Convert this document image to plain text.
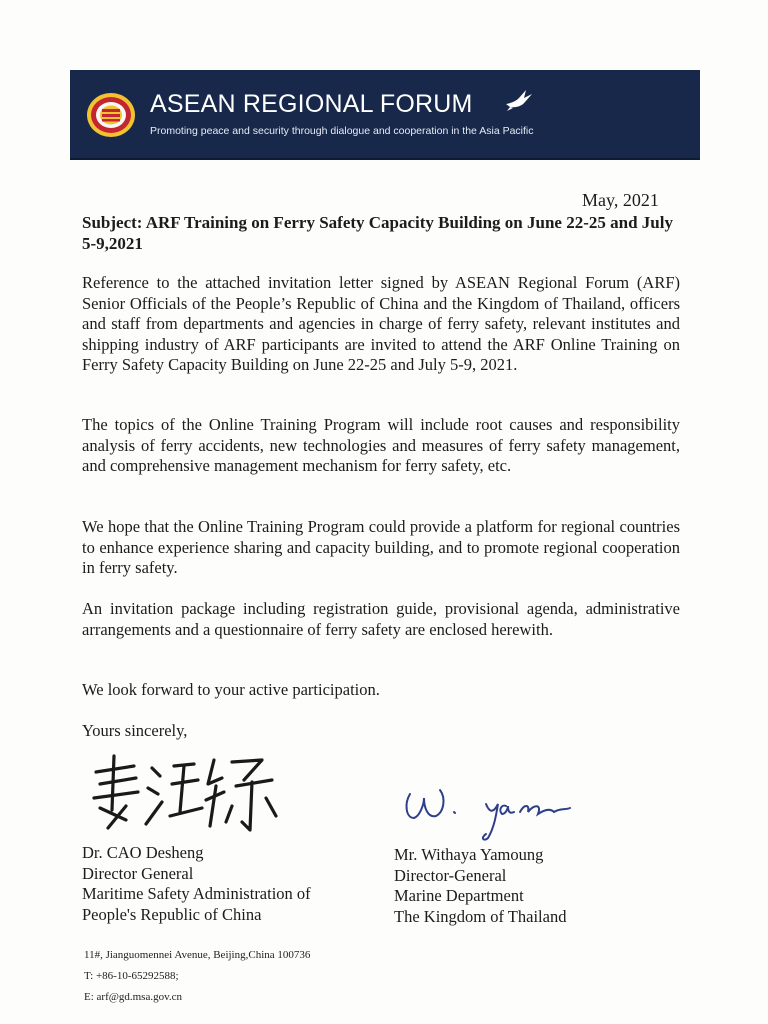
ASEAN REGIONAL FORUM
Promoting peace and security through dialogue and cooperation in the Asia Pacific
May, 2021
Subject: ARF Training on Ferry Safety Capacity Building on June 22-25 and July 5-9,2021
Reference to the attached invitation letter signed by ASEAN Regional Forum (ARF) Senior Officials of the People’s Republic of China and the Kingdom of Thailand, officers and staff from departments and agencies in charge of ferry safety, relevant institutes and shipping industry of ARF participants are invited to attend the ARF Online Training on Ferry Safety Capacity Building on June 22-25 and July 5-9, 2021.
The topics of the Online Training Program will include root causes and responsibility analysis of ferry accidents, new technologies and measures of ferry safety management, and comprehensive management mechanism for ferry safety, etc.
We hope that the Online Training Program could provide a platform for regional countries to enhance experience sharing and capacity building, and to promote regional cooperation in ferry safety.
An invitation package including registration guide, provisional agenda, administrative arrangements and a questionnaire of ferry safety are enclosed herewith.
We look forward to your active participation.
Yours sincerely,
Dr. CAO Desheng
Director General
Maritime Safety Administration of
People's Republic of China
Mr. Withaya Yamoung
Director-General
Marine Department
The Kingdom of Thailand
11#, Jianguomennei Avenue, Beijing,China 100736
T: +86-10-65292588;
E: arf@gd.msa.gov.cn
